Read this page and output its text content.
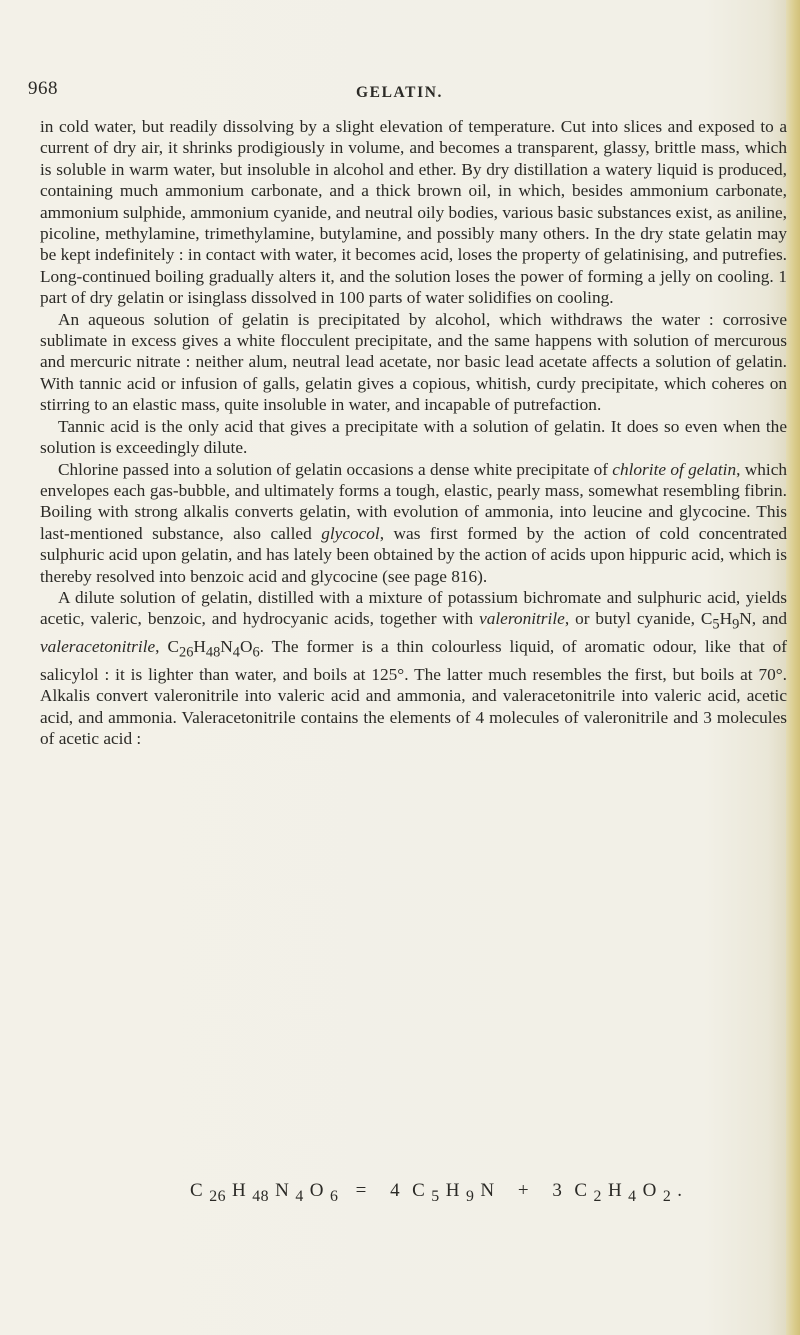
968	GELATIN.

in cold water, but readily dissolving by a slight elevation of temperature. Cut into slices and exposed to a current of dry air, it shrinks prodigiously in volume, and becomes a transparent, glassy, brittle mass, which is soluble in warm water, but insoluble in alcohol and ether. By dry distillation a watery liquid is produced, containing much ammonium carbonate, and a thick brown oil, in which, besides ammonium carbonate, ammonium sulphide, ammonium cyanide, and neutral oily bodies, various basic substances exist, as aniline, picoline, methylamine, trimethylamine, butylamine, and possibly many others. In the dry state gelatin may be kept indefinitely : in contact with water, it becomes acid, loses the property of gelatinising, and putrefies. Long-continued boiling gradually alters it, and the solution loses the power of forming a jelly on cooling. 1 part of dry gelatin or isinglass dissolved in 100 parts of water solidifies on cooling.

An aqueous solution of gelatin is precipitated by alcohol, which withdraws the water : corrosive sublimate in excess gives a white flocculent precipitate, and the same happens with solution of mercurous and mercuric nitrate : neither alum, neutral lead acetate, nor basic lead acetate affects a solution of gelatin. With tannic acid or infusion of galls, gelatin gives a copious, whitish, curdy precipitate, which coheres on stirring to an elastic mass, quite insoluble in water, and incapable of putrefaction.

Tannic acid is the only acid that gives a precipitate with a solution of gelatin. It does so even when the solution is exceedingly dilute.

Chlorine passed into a solution of gelatin occasions a dense white precipitate of chlorite of gelatin, which envelopes each gas-bubble, and ultimately forms a tough, elastic, pearly mass, somewhat resembling fibrin. Boiling with strong alkalis converts gelatin, with evolution of ammonia, into leucine and glycocine. This last-mentioned substance, also called glycocol, was first formed by the action of cold concentrated sulphuric acid upon gelatin, and has lately been obtained by the action of acids upon hippuric acid, which is thereby resolved into benzoic acid and glycocine (see page 816).

A dilute solution of gelatin, distilled with a mixture of potassium bichromate and sulphuric acid, yields acetic, valeric, benzoic, and hydrocyanic acids, together with valeronitrile, or butyl cyanide, $C_5H_9N$, and valeracetonitrile, $C_{26}H_{48}N_4O_6$. The former is a thin colourless liquid, of aromatic odour, like that of salicylol : it is lighter than water, and boils at 125°. The latter much resembles the first, but boils at 70°. Alkalis convert valeronitrile into valeric acid and ammonia, and valeracetonitrile into valeric acid, acetic acid, and ammonia. Valeracetonitrile contains the elements of 4 molecules of valeronitrile and 3 molecules of acetic acid :

C $_{26}$ H $_{48}$ N $_4$ O $_6$ = 4 C $_5$ H $_9$ N + 3 C $_2$ H $_4$ O $_2$ .
